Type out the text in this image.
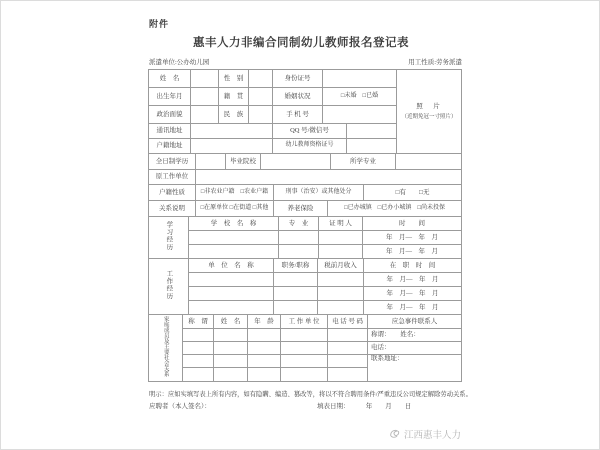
附件
惠丰人力非编合同制幼儿教师报名登记表
派遣单位:公办幼儿园	用工性质:劳务派遣
姓　名		性　别		身份证号			照　片
（近期免冠一寸照片）

出生年月		籍　贯		婚姻状况	□未婚　□已婚		
政治面貌		民　族		手 机 号			
通讯地址				QQ 号/微信号			
户籍地址				幼儿教师资格证号			
全日制学历		毕业院校		所学专业	
原工作单位					
户籍性质	□非农业户籍　□农业户籍	刑事（治安）或其他处分		□有　　□无
关系说明	□在原单位 □在街道 □其他	养老保险	□已办城镇　□已办小城镇　□尚未投保	
学习经历	学　校　名　称	专　业	证 明 人	时　　间
				年　月—　年　月
				年　月—　年　月
工作经历	单　位　名　称	职务/职称	税前月收入	在　职　时　间
				年　月—　年　月
				年　月—　年　月
				年　月—　年　月
家庭成员及主要社会关系	称　谓	姓　名	年　龄	工 作 单 位	电 话 号 码	应急事件联系人
						称谓：　　姓名：
						电话：
						联系地址：

明示：应如实填写表上所有内容，如有隐瞒、编造、篡改等，将以不符合聘用条件/严重违反公司规定解除劳动关系。
应聘者（本人签名）：	填表日期：　　　年　　月　　日
江西惠丰人力
